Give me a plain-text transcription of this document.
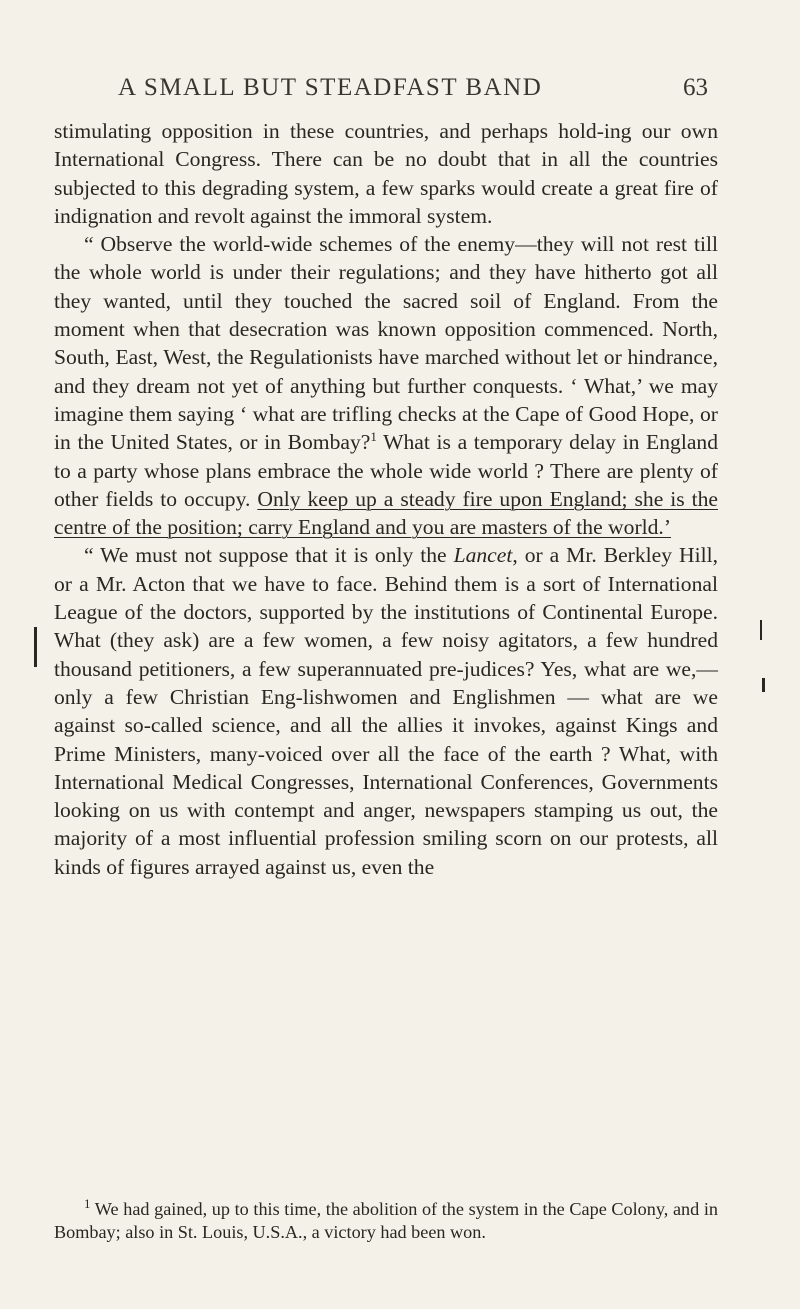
A SMALL BUT STEADFAST BAND	63

stimulating opposition in these countries, and perhaps hold-ing our own International Congress. There can be no doubt that in all the countries subjected to this degrading system, a few sparks would create a great fire of indignation and revolt against the immoral system.

“ Observe the world-wide schemes of the enemy—they will not rest till the whole world is under their regulations; and they have hitherto got all they wanted, until they touched the sacred soil of England. From the moment when that desecration was known opposition commenced. North, South, East, West, the Regulationists have marched without let or hindrance, and they dream not yet of anything but further conquests. ‘ What,’ we may imagine them saying ‘ what are trifling checks at the Cape of Good Hope, or in the United States, or in Bombay?$^1$ What is a temporary delay in England to a party whose plans embrace the whole wide world ? There are plenty of other fields to occupy. Only keep up a steady fire upon England; she is the centre of the position; carry England and you are masters of the world.’

“ We must not suppose that it is only the Lancet, or a Mr. Berkley Hill, or a Mr. Acton that we have to face. Behind them is a sort of International League of the doctors, supported by the institutions of Continental Europe. What (they ask) are a few women, a few noisy agitators, a few hundred thousand petitioners, a few superannuated pre-judices? Yes, what are we,—only a few Christian Eng-lishwomen and Englishmen — what are we against so-called science, and all the allies it invokes, against Kings and Prime Ministers, many-voiced over all the face of the earth ? What, with International Medical Congresses, International Conferences, Governments looking on us with contempt and anger, newspapers stamping us out, the majority of a most influential profession smiling scorn on our protests, all kinds of figures arrayed against us, even the

$^1$ We had gained, up to this time, the abolition of the system in the Cape Colony, and in Bombay; also in St. Louis, U.S.A., a victory had been won.
